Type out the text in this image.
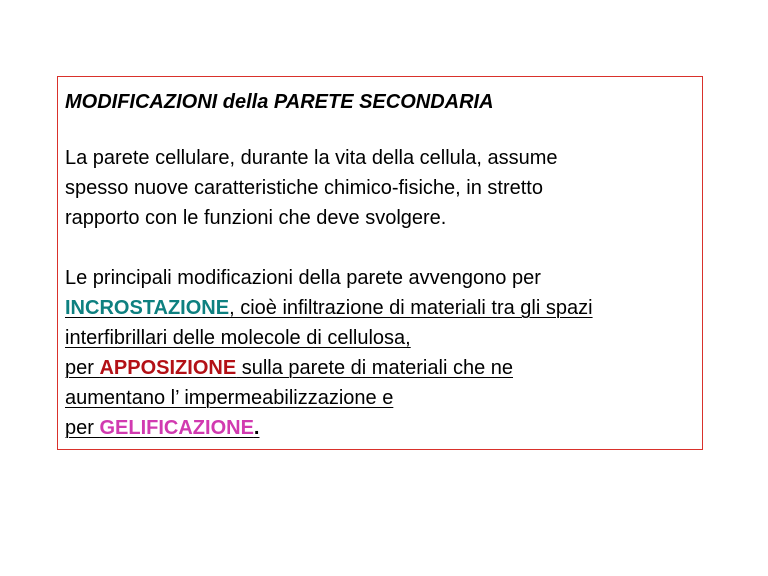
MODIFICAZIONI della PARETE SECONDARIA

La parete cellulare, durante la vita della cellula, assume
spesso nuove caratteristiche chimico-fisiche, in stretto
rapporto con le funzioni che deve svolgere.

Le principali modificazioni della parete avvengono per
INCROSTAZIONE, cioè infiltrazione di materiali tra gli spazi
interfibrillari delle molecole di cellulosa,
per APPOSIZIONE sulla parete di materiali che ne
aumentano l’ impermeabilizzazione e
per GELIFICAZIONE.
